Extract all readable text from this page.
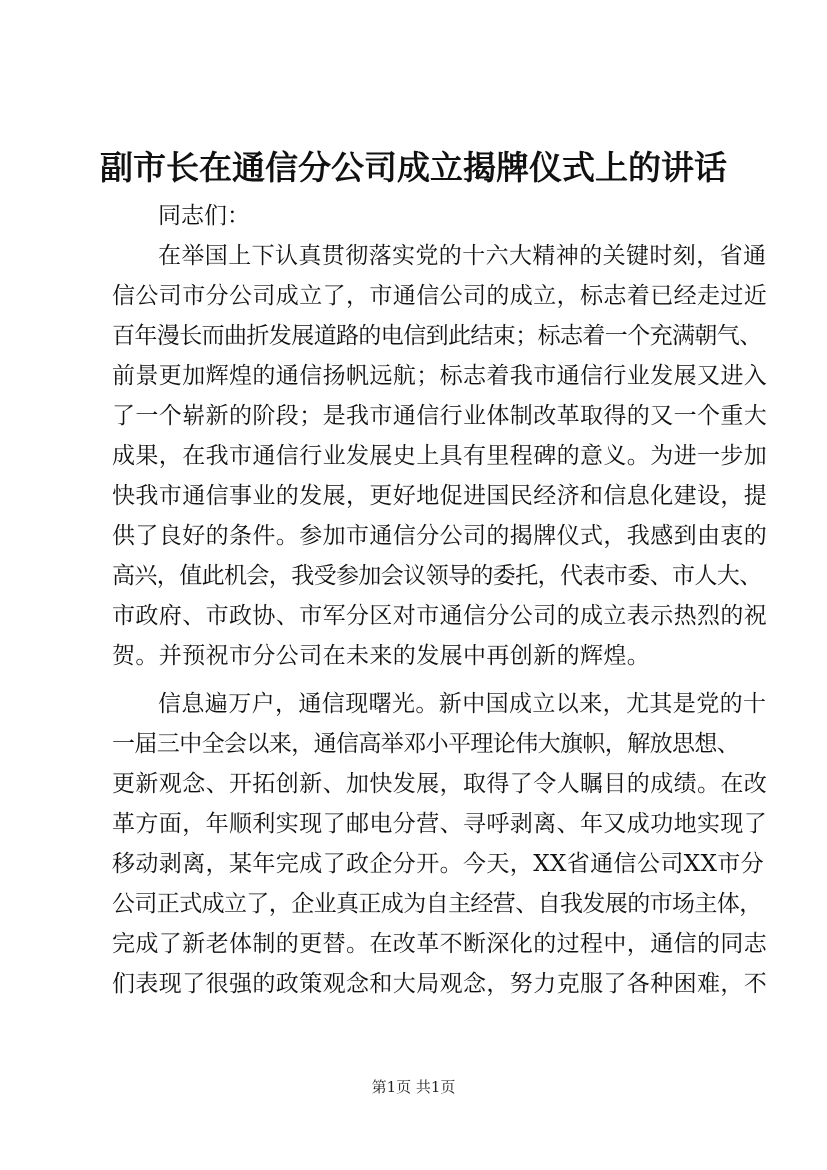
副市长在通信分公司成立揭牌仪式上的讲话
同志们：
在举国上下认真贯彻落实党的十六大精神的关键时刻，省通
信公司市分公司成立了，市通信公司的成立，标志着已经走过近
百年漫长而曲折发展道路的电信到此结束；标志着一个充满朝气、
前景更加辉煌的通信扬帆远航；标志着我市通信行业发展又进入
了一个崭新的阶段；是我市通信行业体制改革取得的又一个重大
成果，在我市通信行业发展史上具有里程碑的意义。为进一步加
快我市通信事业的发展，更好地促进国民经济和信息化建设，提
供了良好的条件。参加市通信分公司的揭牌仪式，我感到由衷的
高兴，值此机会，我受参加会议领导的委托，代表市委、市人大、
市政府、市政协、市军分区对市通信分公司的成立表示热烈的祝
贺。并预祝市分公司在未来的发展中再创新的辉煌。
信息遍万户，通信现曙光。新中国成立以来，尤其是党的十
一届三中全会以来，通信高举邓小平理论伟大旗帜，解放思想、
更新观念、开拓创新、加快发展，取得了令人瞩目的成绩。在改
革方面，年顺利实现了邮电分营、寻呼剥离、年又成功地实现了
移动剥离，某年完成了政企分开。今天，XX省通信公司XX市分
公司正式成立了，企业真正成为自主经营、自我发展的市场主体，
完成了新老体制的更替。在改革不断深化的过程中，通信的同志
们表现了很强的政策观念和大局观念，努力克服了各种困难，不
第1页 共1页
